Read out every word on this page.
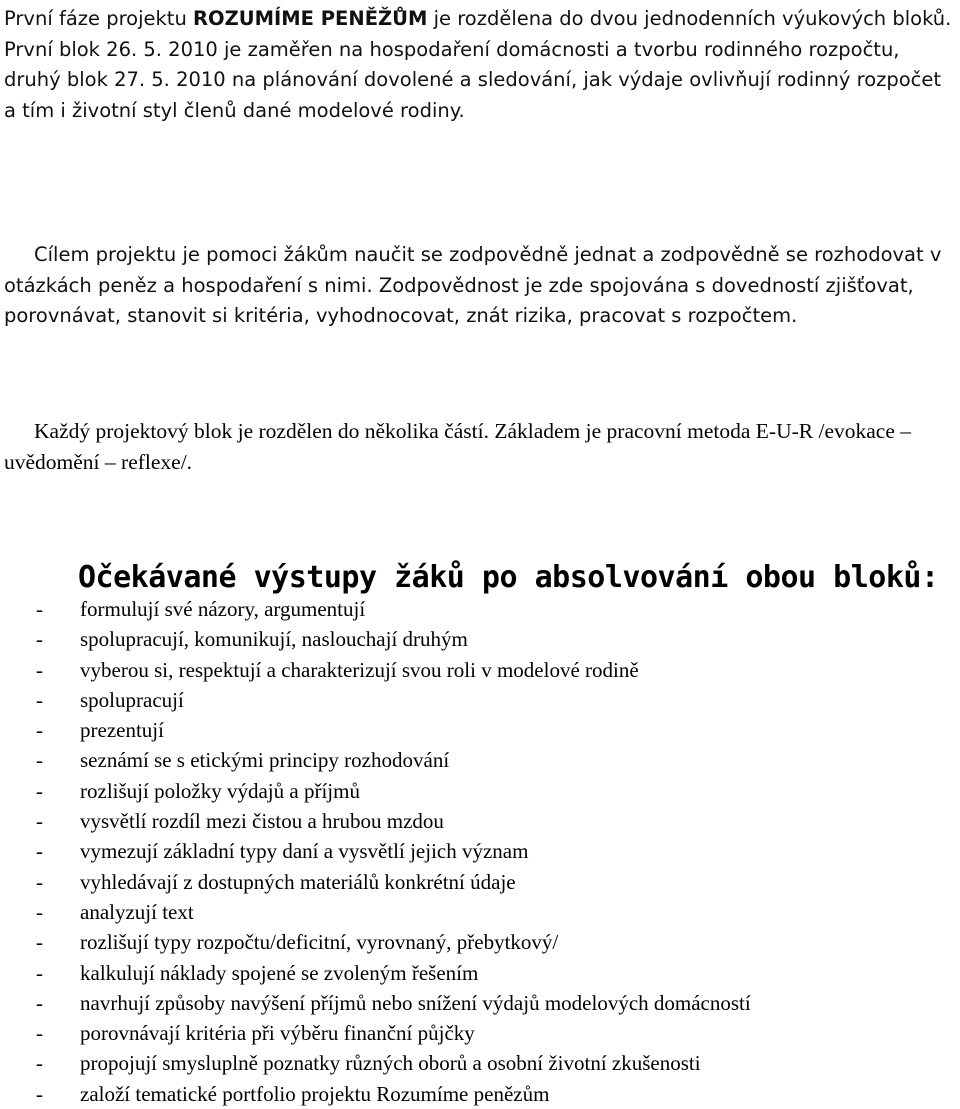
První fáze projektu ROZUMÍME PENĚŽŮM je rozdělena do dvou jednodenních výukových bloků. První blok 26. 5. 2010 je zaměřen na hospodaření domácnosti a tvorbu rodinného rozpočtu, druhý blok 27. 5. 2010 na plánování dovolené a sledování, jak výdaje ovlivňují rodinný rozpočet a tím i životní styl členů dané modelové rodiny.

Cílem projektu je pomoci žákům naučit se zodpovědně jednat a zodpovědně se rozhodovat v otázkách peněz a hospodaření s nimi. Zodpovědnost je zde spojována s dovedností zjišťovat, porovnávat, stanovit si kritéria, vyhodnocovat, znát rizika, pracovat s rozpočtem.

Každý projektový blok je rozdělen do několika částí. Základem je pracovní metoda E-U-R /evokace – uvědomění – reflexe/.

Očekávané výstupy žáků po absolvování obou bloků:
- formulují své názory, argumentují
- spolupracují, komunikují, naslouchají druhým
- vyberou si, respektují a charakterizují svou roli v modelové rodině
- spolupracují
- prezentují
- seznámí se s etickými principy rozhodování
- rozlišují položky výdajů a příjmů
- vysvětlí rozdíl mezi čistou a hrubou mzdou
- vymezují základní typy daní a vysvětlí jejich význam
- vyhledávají z dostupných materiálů konkrétní údaje
- analyzují text
- rozlišují typy rozpočtu/deficitní, vyrovnaný, přebytkový/
- kalkulují náklady spojené se zvoleným řešením
- navrhují způsoby navýšení příjmů nebo snížení výdajů modelových domácností
- porovnávají kritéria při výběru finanční půjčky
- propojují smysluplně poznatky různých oborů a osobní životní zkušenosti
- založí tematické portfolio projektu Rozumíme penězům
